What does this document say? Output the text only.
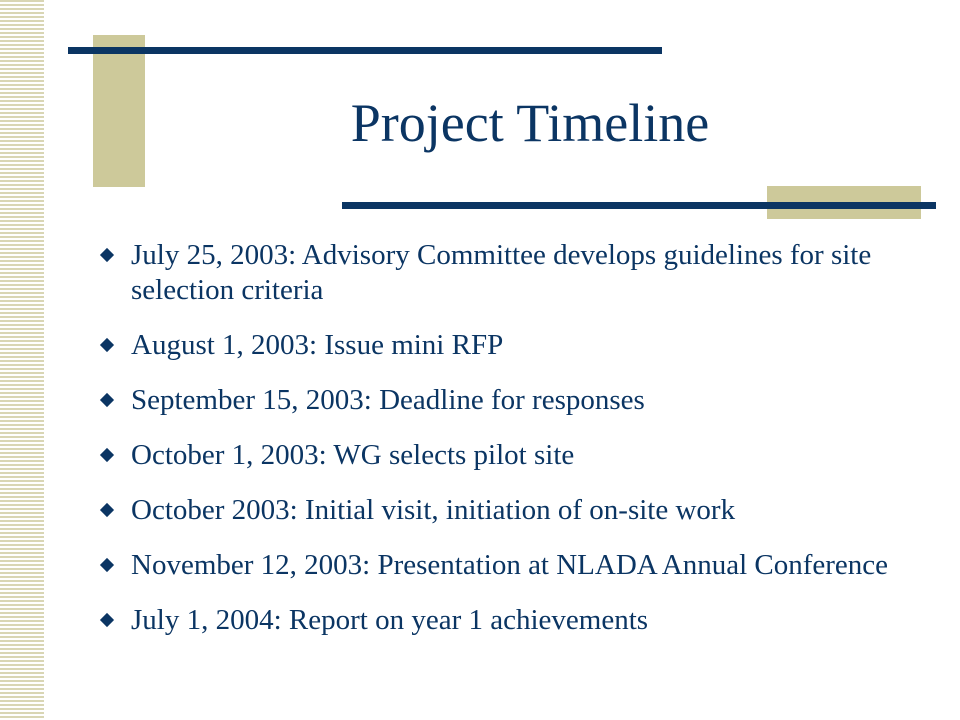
Project Timeline
July 25, 2003: Advisory Committee develops guidelines for site selection criteria
August 1, 2003: Issue mini RFP
September 15, 2003: Deadline for responses
October 1, 2003: WG selects pilot site
October 2003: Initial visit, initiation of on-site work
November 12, 2003: Presentation at NLADA Annual Conference
July 1, 2004: Report on year 1 achievements
